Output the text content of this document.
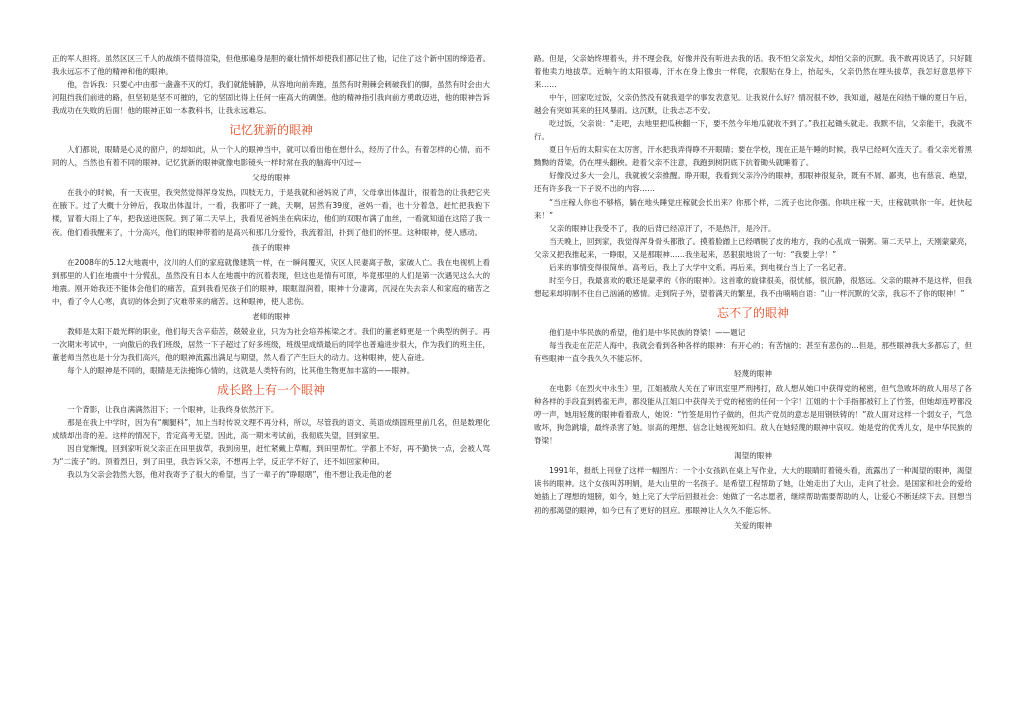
正的军人担将。虽然区区三千人的战绩不值得渲染，但他那遍身是胆的豪壮情怀却使我们都记住了他，记住了这个新中国的缔造者。我永远忘不了他的精神和他的眼神。

他，告诉我：只要心中由那一盏盏不灭的灯，我们就能铺静，从容地向前奔跑，虽然有时荆棘会刺破我们的脚，虽然有时会由大河阻挡我们前进的路，但坚韧是坚不可摧的，它的坚固比得上任何一座高大的碉堡。他的精神指引我向前方勇敢迈进，他的眼神告诉我成功在失败的后面！他的眼神正如一本教科书，让我永远难忘。

记忆犹新的眼神

人们都说，眼睛是心灵的窗户，的却如此，从一个人的眼神当中，就可以看出他在想什么，经历了什么，有着怎样的心情，而不同的人，当然也有着不同的眼神。记忆犹新的眼神就像电影镜头一样时常在我的脑海中闪过—

父母的眼神

在我小的时候，有一天夜里，我突然觉得浑身发热，四肢无力，于是我就和爸妈说了声，父母拿出体温计，很着急的让我把它夹在腋下。过了大概十分钟后，我取出体温计，一看，我都吓了一跳，天啊，居然有39度，爸妈一看，也十分着急，赶忙把我抱下楼，冒着大雨上了车，把我送进医院。到了第二天早上，我看见爸妈坐在病床边，他们的双眼布满了血丝，一看就知道在这陪了我一夜。他们看我醒来了，十分高兴，他们的眼神带着的是高兴和那几分爱怜，我流着泪，扑到了他们的怀里。这种眼神，使人感动。

孩子的眼神

在2008年的5.12大地震中，汶川的人们的家庭就像建筑一样，在一瞬间覆灭，灾区人民妻离子散，家破人亡。我在电视机上看到那里的人们在地震中十分慌乱，虽然没有日本人在地震中的沉着表现，但这也是情有可原，毕竟那里的人们是第一次遇见这么大的地震。刚开始我还不能体会他们的痛苦，直到我看见孩子们的眼神，眼眶湿润着，眼神十分凄离，沉浸在失去亲人和家庭的痛苦之中，看了令人心寒，真切的体会到了灾难带来的痛苦。这种眼神，使人悲伤。

老师的眼神

教师是太阳下最光辉的职业，他们每天含辛茹苦，兢兢业业，只为为社会培养栋梁之才。我们的董老师更是一个典型的例子。再一次期末考试中，一向傲后的我们班级，居然一下子超过了好多班级，班级里成绩最后的同学也普遍进步很大，作为我们的班主任，董老师当然也是十分为我们高兴，他的眼神流露出满足与期望，然人看了产生巨大的动力。这种眼神，使人奋进。

每个人的眼神是不同的，眼睛是无法掩饰心情的，这就是人类特有的，比其他生物更加丰富的——眼神。

成长路上有一个眼神

一个背影，让我自满满然泪下；一个眼神，让我终身依然汗下。

那是在我上中学时，因为有“瘸腿科”，加上当时传说文理不再分科，所以，尽管我的语文、英语成绩固班里前几名，但是数理化成绩却出奇的差。这样的情况下，肯定高考无望。因此，高一期末考试前，我彻底失望，回到家里。

因自觉惭愧，回到家听说父亲正在田里拔草，我到房里，赶忙紧戴上草帽，到田里帮忙。学都上不好，再不勤快一点，会被人骂为“二流子”的。顶着烈日，到了田里，我告诉父亲，不想再上学，反正学不好了，还不如回家种田。

我以为父亲会勃然大怒，他对我寄予了很大的希望，当了一辈子的“睁眼瞎”，他不想让我走他的老

路。但是，父亲始终埋着头，并不理会我，好像并没有听进去我的话。我不怕父亲发火，却怕父亲的沉默。我不敢再说话了，只好随着他卖力地拔草。近晌午的太阳很毒，汗水在身上像虫一样爬，衣服贴在身上，抬起头，父亲仍然在埋头拔草，我怎好意思停下来……

中午，回家吃过饭，父亲仍然没有就我退学的事发表意见。让我说什么好？情况很不妙，我知道，越是在闷热干燥的夏日午后，越会有突如其来的狂风暴雨。这沉默，让我忐忑不安。

吃过饭，父亲说：“走吧，去地里把瓜秧翻一下，要不然今年地瓜就收不到了。”我扛起锄头就走。我默不信，父亲能干，我就不行。

夏日午后的太阳实在太厉害，汗水把我弄得睁不开眼睛；要在学校，现在正是午睡的时候，我早已经呵欠连天了。看父亲光着黑黝黝的背梁，仍在埋头翻秧。趁着父亲不注意，我跑到树阴底下抗着锄头就睡着了。

好像没过多大一会儿，我就被父亲推醒。睁开眼，我看到父亲冷冷的眼神，那眼神很复杂，既有不屑、鄙夷，也有慈哀、绝望，还有许多我一下子说不出的内容……

“当庄稼人你也不够格，躺在地头睡觉庄稼就会长出来？你那个样，二流子也比你强。你哄庄稼一天，庄稼就哄你一年。赶快起来！”

父亲的眼神让我受不了，我的后背已经凉汗了，不是热汗，是冷汗。

当天晚上，回到家，我觉得浑身骨头都散了。摸着脸蹭上已经晒脱了皮的地方，我的心乱成一锅粥。第二天早上，天刚蒙蒙亮，父亲又把我推起来，一睁眼，又是那眼神……我坐起来，恶狠狠地说了一句：“我要上学！”

后来的事情变得很简单。高考后，我上了大学中文系。再后来，到电视台当上了一名记者。

时至今日，我最喜欢的歌还是蒙孝的《你的眼神》。这首歌的旋律很美，很忧郁，很沉静，很悠远。父亲的眼神不是这样，但我想起来却抑制不住自己汹涌的感情。走到院子外，望着满天的繁星，我不由喃喃自语：“山一样沉默的父亲，我忘不了你的眼神！”

忘不了的眼神

他们是中华民族的希望，他们是中华民族的脊梁！——题记

每当我走在茫茫人海中，我就会看到各种各样的眼神：有开心的；有苦恼的；甚至有悲伤的…但是，那些眼神我大多都忘了，但有些眼神一直令我久久不能忘怀。

轻蔑的眼神

在电影《在烈火中永生》里，江姐被敌人关在了审讯室里严刑拷打，敌人想从她口中获得党的秘密，但气急败坏的敌人用尽了各种各样的手段直到鸦雀无声，都没能从江姐口中获得关于党的秘密的任何一个字！江姐的十个手指都被钉上了竹签，但她却连哼都没哼一声，她用轻蔑的眼神看着敌人，她说：“竹签是用竹子做的，但共产党员的意志是用钢铁铸的！”敌人面对这样一个弱女子，气急败坏，狗急跳墙，最终杀害了她。崇高的理想、信念让她视死如归。敌人在她轻蔑的眼神中哀叹。她是党的优秀儿女，是中华民族的脊梁！

渴望的眼神

1991年，报纸上刊登了这样一幅图片：一个小女孩趴在桌上写作业，大大的眼睛盯着镜头看，流露出了一种渴望的眼神，渴望读书的眼神。这个女孩叫苏明娟，是大山里的一名孩子。是希望工程帮助了她，让她走出了大山，走向了社会。是国家和社会的爱给她插上了理想的翅膀，如今，她上完了大学后回报社会：她做了一名志愿者，继续帮助需要帮助的人，让爱心不断延续下去。回想当初的那渴望的眼神，如今已有了更好的回应。那眼神让人久久不能忘怀。

关爱的眼神
